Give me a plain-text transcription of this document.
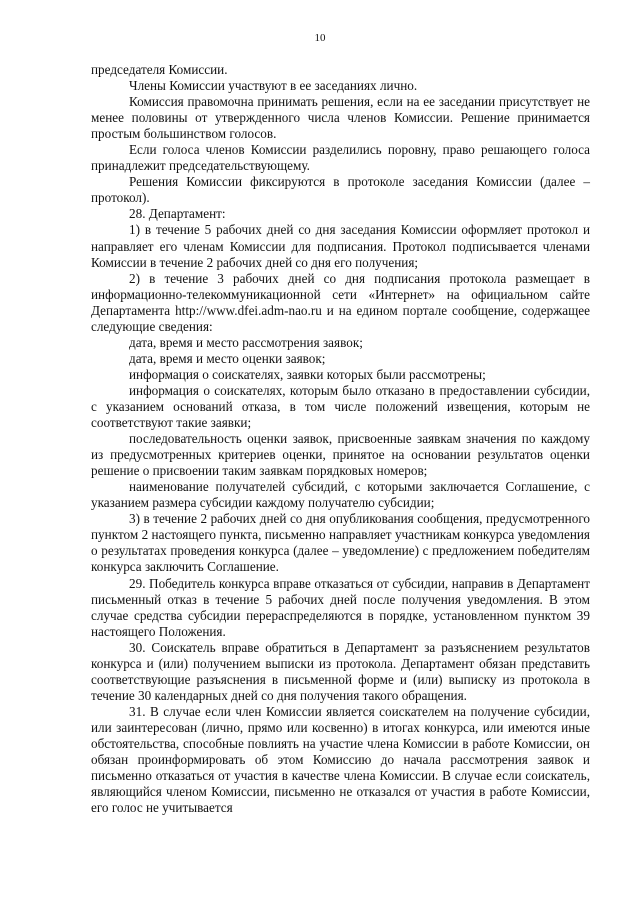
10

председателя Комиссии.

Члены Комиссии участвуют в ее заседаниях лично.

Комиссия правомочна принимать решения, если на ее заседании присутствует не менее половины от утвержденного числа членов Комиссии. Решение принимается простым большинством голосов.

Если голоса членов Комиссии разделились поровну, право решающего голоса принадлежит председательствующему.

Решения Комиссии фиксируются в протоколе заседания Комиссии (далее – протокол).

28. Департамент:

1) в течение 5 рабочих дней со дня заседания Комиссии оформляет протокол и направляет его членам Комиссии для подписания. Протокол подписывается членами Комиссии в течение 2 рабочих дней со дня его получения;

2) в течение 3 рабочих дней со дня подписания протокола размещает в информационно-телекоммуникационной сети «Интернет» на официальном сайте Департамента http://www.dfei.adm-nao.ru и на едином портале сообщение, содержащее следующие сведения:

дата, время и место рассмотрения заявок;

дата, время и место оценки заявок;

информация о соискателях, заявки которых были рассмотрены;

информация о соискателях, которым было отказано в предоставлении субсидии, с указанием оснований отказа, в том числе положений извещения, которым не соответствуют такие заявки;

последовательность оценки заявок, присвоенные заявкам значения по каждому из предусмотренных критериев оценки, принятое на основании результатов оценки решение о присвоении таким заявкам порядковых номеров;

наименование получателей субсидий, с которыми заключается Соглашение, с указанием размера субсидии каждому получателю субсидии;

3) в течение 2 рабочих дней со дня опубликования сообщения, предусмотренного пунктом 2 настоящего пункта, письменно направляет участникам конкурса уведомления о результатах проведения конкурса (далее – уведомление) с предложением победителям конкурса заключить Соглашение.

29. Победитель конкурса вправе отказаться от субсидии, направив в Департамент письменный отказ в течение 5 рабочих дней после получения уведомления. В этом случае средства субсидии перераспределяются в порядке, установленном пунктом 39 настоящего Положения.

30. Соискатель вправе обратиться в Департамент за разъяснением результатов конкурса и (или) получением выписки из протокола. Департамент обязан представить соответствующие разъяснения в письменной форме и (или) выписку из протокола в течение 30 календарных дней со дня получения такого обращения.

31. В случае если член Комиссии является соискателем на получение субсидии, или заинтересован (лично, прямо или косвенно) в итогах конкурса, или имеются иные обстоятельства, способные повлиять на участие члена Комиссии в работе Комиссии, он обязан проинформировать об этом Комиссию до начала рассмотрения заявок и письменно отказаться от участия в качестве члена Комиссии. В случае если соискатель, являющийся членом Комиссии, письменно не отказался от участия в работе Комиссии, его голос не учитывается
